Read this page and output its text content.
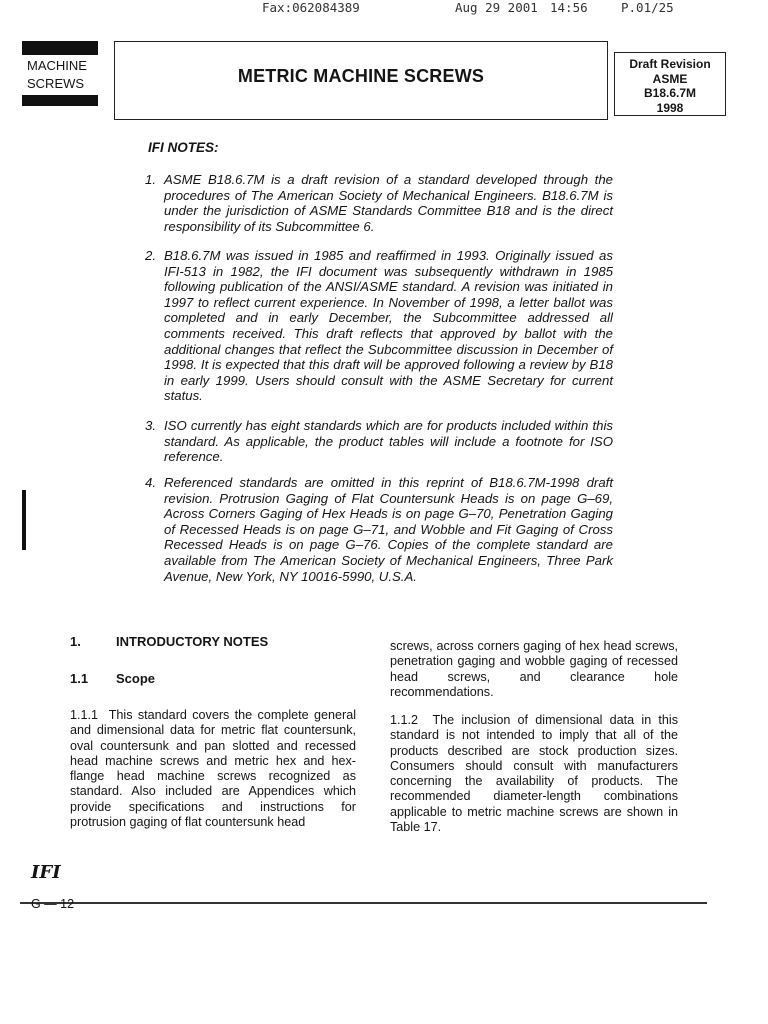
Fax:062084389	Aug 29 2001 14:56	P.01/25
MACHINE
SCREWS	METRIC MACHINE SCREWS
Draft Revision
ASME
B18.6.7M
1998
IFI NOTES:
1. ASME B18.6.7M is a draft revision of a standard developed through the procedures of The American Society of Mechanical Engineers. B18.6.7M is under the jurisdiction of ASME Standards Committee B18 and is the direct responsibility of its Subcommittee 6.
2. B18.6.7M was issued in 1985 and reaffirmed in 1993. Originally issued as IFI-513 in 1982, the IFI document was subsequently withdrawn in 1985 following publication of the ANSI/ASME standard. A revision was initiated in 1997 to reflect current experience. In November of 1998, a letter ballot was completed and in early December, the Subcommittee addressed all comments received. This draft reflects that approved by ballot with the additional changes that reflect the Subcommittee discussion in December of 1998. It is expected that this draft will be approved following a review by B18 in early 1999. Users should consult with the ASME Secretary for current status.
3. ISO currently has eight standards which are for products included within this standard. As applicable, the product tables will include a footnote for ISO reference.
4. Referenced standards are omitted in this reprint of B18.6.7M-1998 draft revision. Protrusion Gaging of Flat Countersunk Heads is on page G–69, Across Corners Gaging of Hex Heads is on page G–70, Penetration Gaging of Recessed Heads is on page G–71, and Wobble and Fit Gaging of Cross Recessed Heads is on page G–76. Copies of the complete standard are available from The American Society of Mechanical Engineers, Three Park Avenue, New York, NY 10016-5990, U.S.A.
1.	INTRODUCTORY NOTES
1.1 Scope
1.1.1 This standard covers the complete general and dimensional data for metric flat countersunk, oval countersunk and pan slotted and recessed head machine screws and metric hex and hex-flange head machine screws recognized as standard. Also included are Appendices which provide specifications and instructions for protrusion gaging of flat countersunk head
screws, across corners gaging of hex head screws, penetration gaging and wobble gaging of recessed head screws, and clearance hole recommendations.
1.1.2 The inclusion of dimensional data in this standard is not intended to imply that all of the products described are stock production sizes. Consumers should consult with manufacturers concerning the availability of products. The recommended diameter-length combinations applicable to metric machine screws are shown in Table 17.
IFI
G — 12
